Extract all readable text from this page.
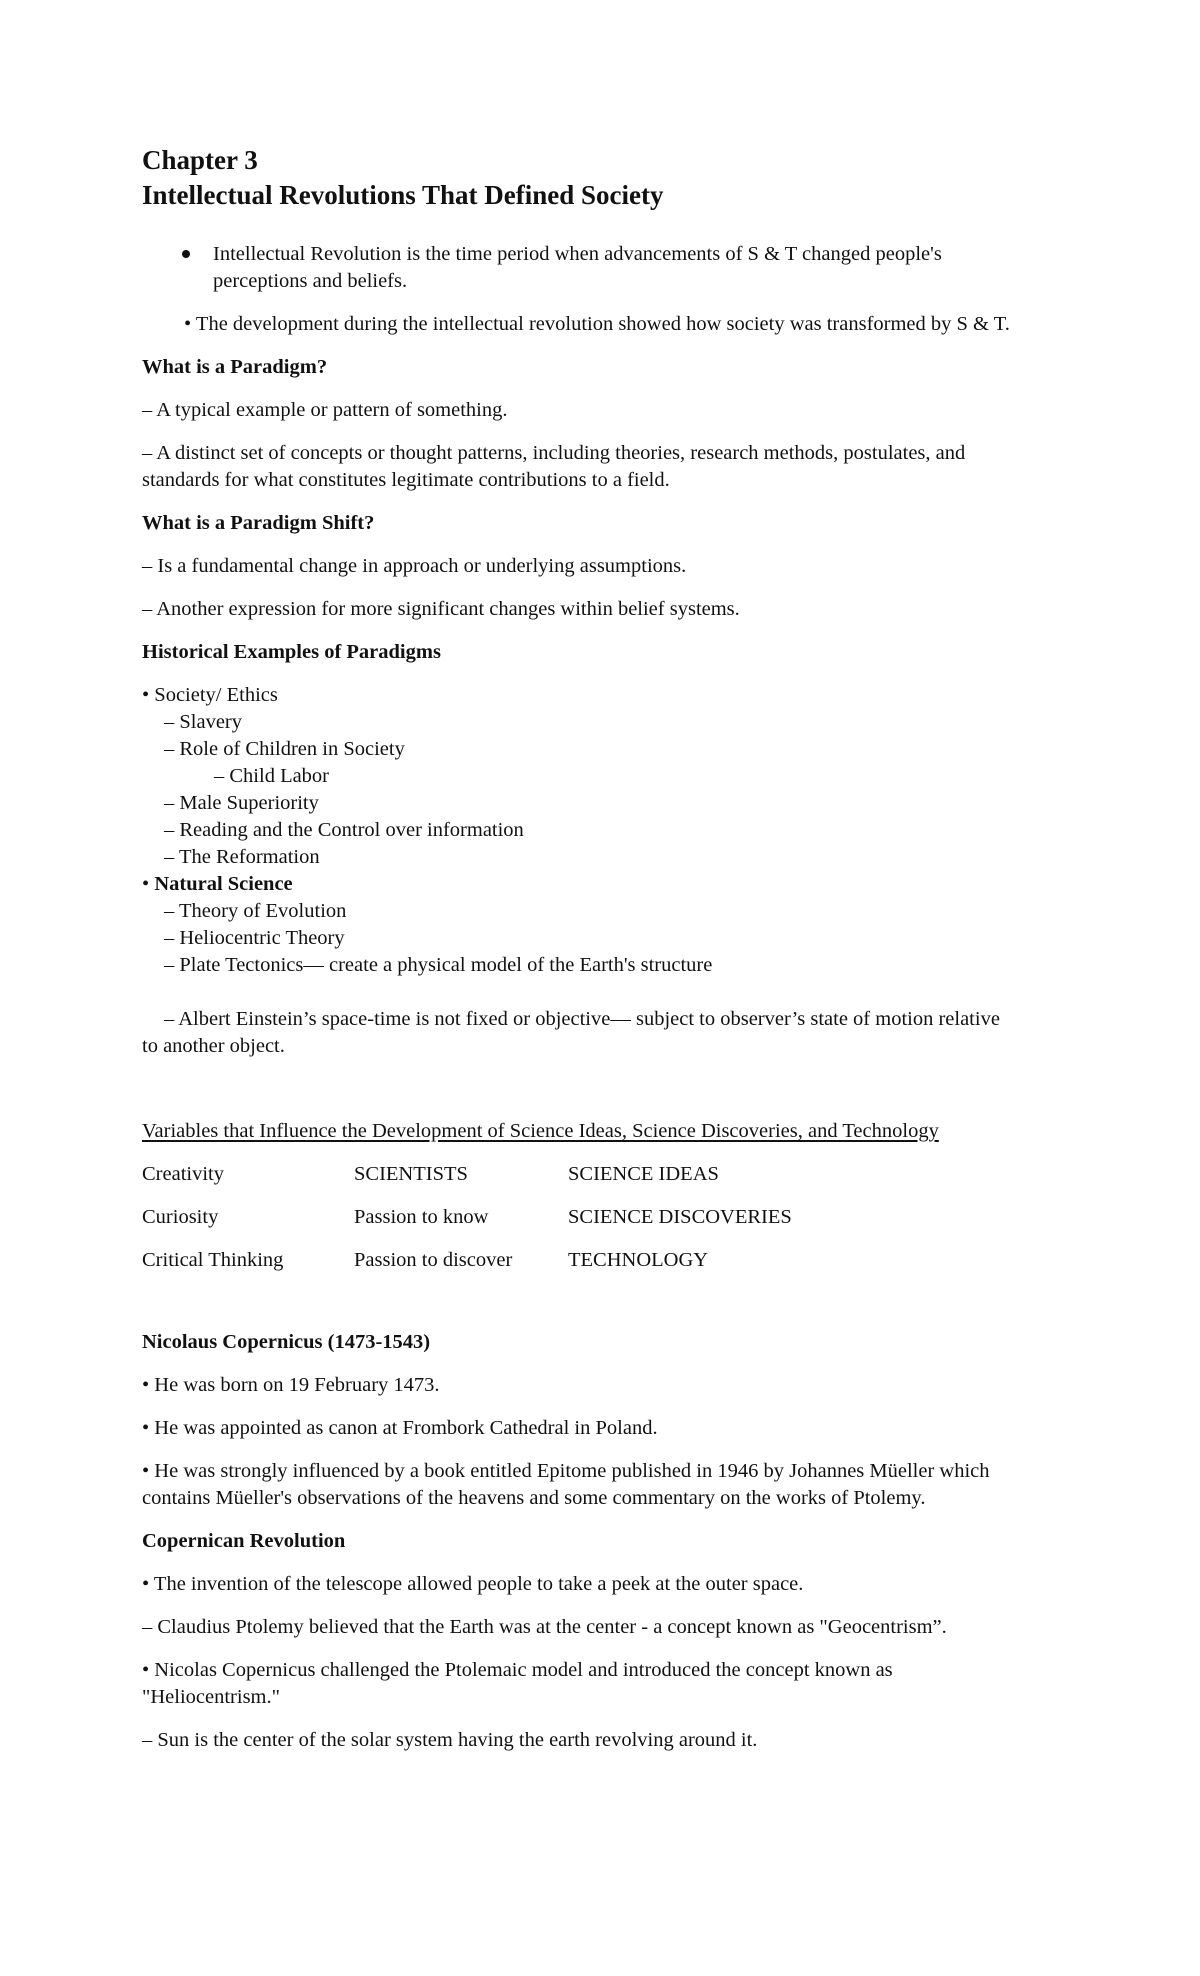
Chapter 3
Intellectual Revolutions That Defined Society
Intellectual Revolution is the time period when advancements of S & T changed people's
perceptions and beliefs.
• The development during the intellectual revolution showed how society was transformed by S & T.
What is a Paradigm?
– A typical example or pattern of something.
– A distinct set of concepts or thought patterns, including theories, research methods, postulates, and
standards for what constitutes legitimate contributions to a field.
What is a Paradigm Shift?
– Is a fundamental change in approach or underlying assumptions.
– Another expression for more significant changes within belief systems.
Historical Examples of Paradigms
• Society/ Ethics
– Slavery
– Role of Children in Society
– Child Labor
– Male Superiority
– Reading and the Control over information
– The Reformation
• Natural Science
– Theory of Evolution
– Heliocentric Theory
– Plate Tectonics— create a physical model of the Earth's structure
– Albert Einstein’s space-time is not fixed or objective— subject to observer’s state of motion relative
to another object.
Variables that Influence the Development of Science Ideas, Science Discoveries, and Technology
Creativity	SCIENTISTS	SCIENCE IDEAS
Curiosity	Passion to know	SCIENCE DISCOVERIES
Critical Thinking	Passion to discover	TECHNOLOGY
Nicolaus Copernicus (1473-1543)
• He was born on 19 February 1473.
• He was appointed as canon at Frombork Cathedral in Poland.
• He was strongly influenced by a book entitled Epitome published in 1946 by Johannes Müeller which
contains Müeller's observations of the heavens and some commentary on the works of Ptolemy.
Copernican Revolution
• The invention of the telescope allowed people to take a peek at the outer space.
– Claudius Ptolemy believed that the Earth was at the center - a concept known as "Geocentrism”.
• Nicolas Copernicus challenged the Ptolemaic model and introduced the concept known as
"Heliocentrism."
– Sun is the center of the solar system having the earth revolving around it.
